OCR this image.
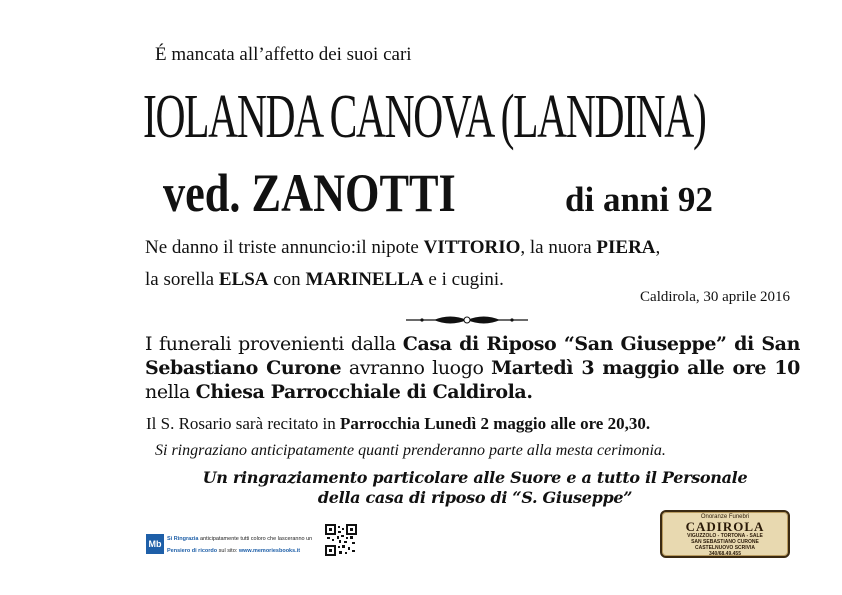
É mancata all’affetto dei suoi cari
IOLANDA CANOVA (LANDINA)
ved. ZANOTTI	di anni 92
Ne danno il triste annuncio:il nipote VITTORIO, la nuora PIERA,
la sorella ELSA con MARINELLA e i cugini.
Caldirola, 30 aprile 2016
I funerali provenienti dalla Casa di Riposo “San Giuseppe” di San Sebastiano Curone avranno luogo Martedì 3 maggio alle ore 10 nella Chiesa Parrocchiale di Caldirola.
Il S. Rosario sarà recitato in Parrocchia Lunedì 2 maggio alle ore 20,30.
Si ringraziano anticipatamente quanti prenderanno parte alla mesta cerimonia.
Un ringraziamento particolare alle Suore e a tutto il Personale
della casa di riposo di “S. Giuseppe”
Mb	Si Ringrazia anticipatamente tutti coloro che lasceranno un
Pensiero di ricordo sul sito: www.memoriesbooks.it
Onoranze Funebri
CADIROLA
VIGUZZOLO - TORTONA - SALE
SAN SEBASTIANO CURONE
CASTELNUOVO SCRIVIA
340/68.49.455
